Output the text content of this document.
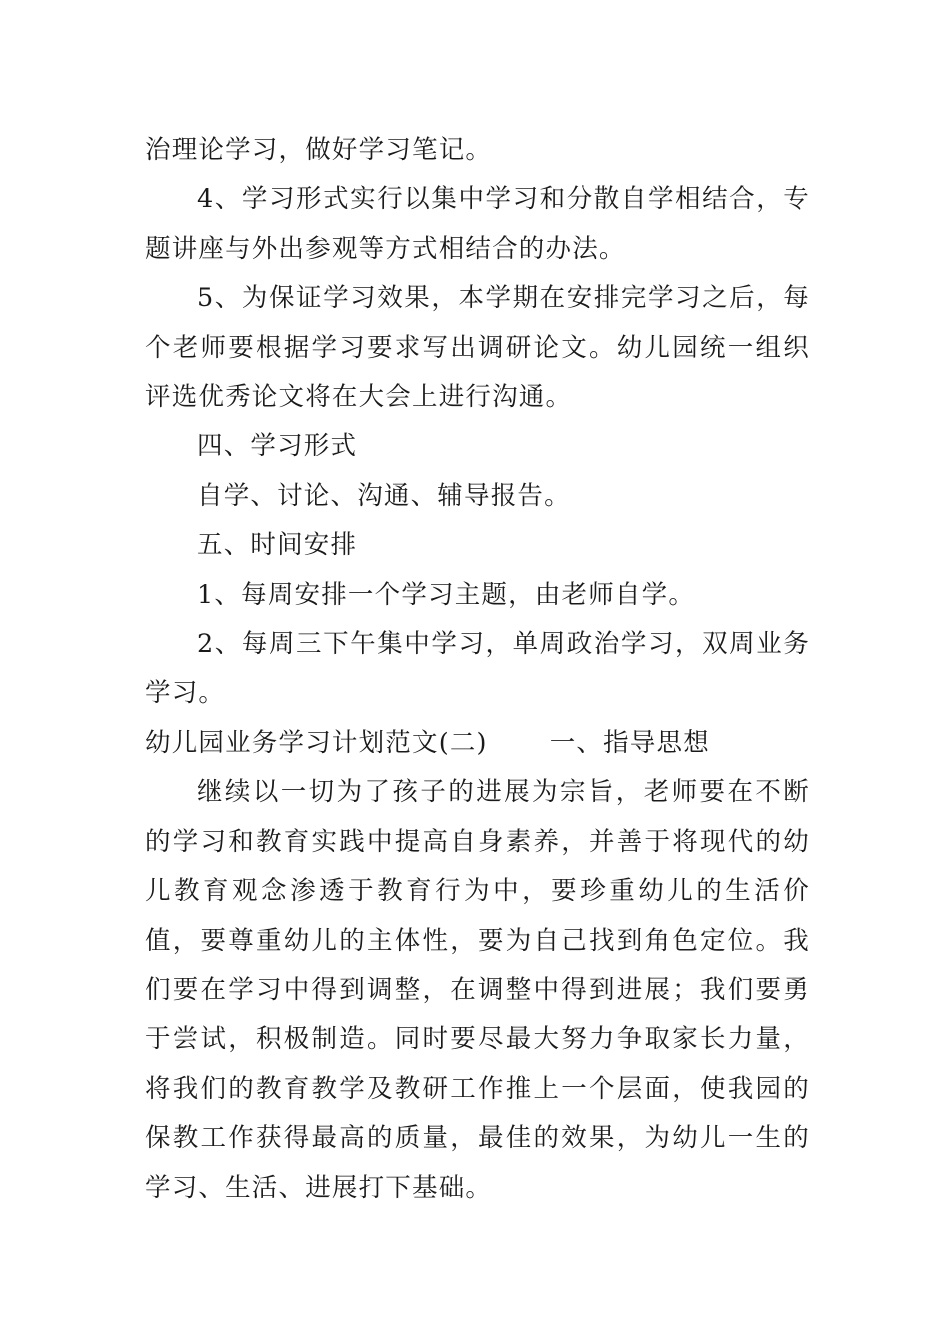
治理论学习，做好学习笔记。

4、学习形式实行以集中学习和分散自学相结合，专题讲座与外出参观等方式相结合的办法。

5、为保证学习效果，本学期在安排完学习之后，每个老师要根据学习要求写出调研论文。幼儿园统一组织评选优秀论文将在大会上进行沟通。

四、学习形式

自学、讨论、沟通、辅导报告。

五、时间安排

1、每周安排一个学习主题，由老师自学。

2、每周三下午集中学习，单周政治学习，双周业务学习。

幼儿园业务学习计划范文(二) 一、指导思想

继续以一切为了孩子的进展为宗旨，老师要在不断的学习和教育实践中提高自身素养，并善于将现代的幼儿教育观念渗透于教育行为中，要珍重幼儿的生活价值，要尊重幼儿的主体性，要为自己找到角色定位。我们要在学习中得到调整，在调整中得到进展；我们要勇于尝试，积极制造。同时要尽最大努力争取家长力量，将我们的教育教学及教研工作推上一个层面，使我园的保教工作获得最高的质量，最佳的效果，为幼儿一生的学习、生活、进展打下基础。
